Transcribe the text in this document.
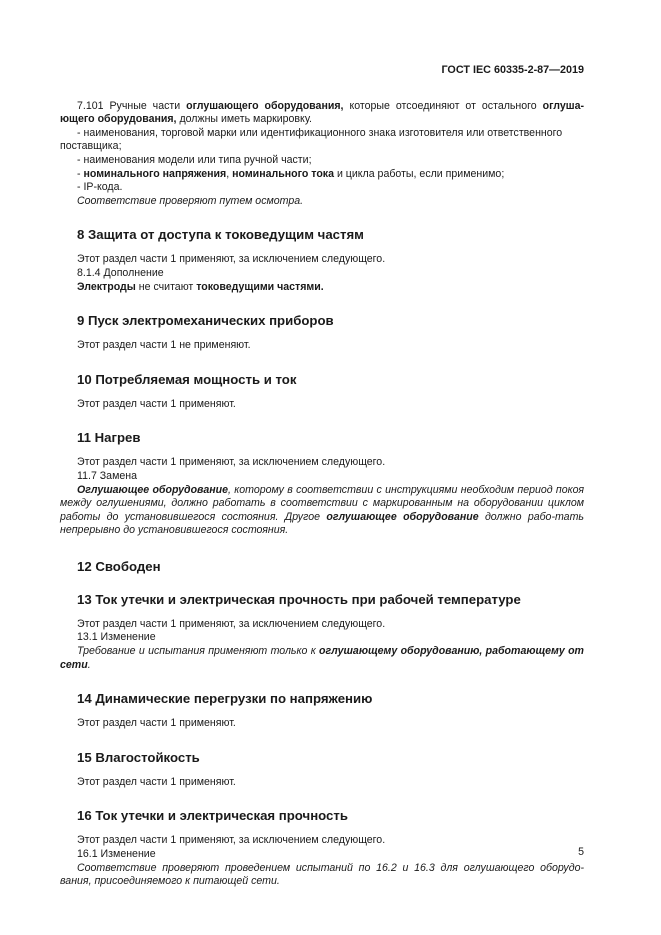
ГОСТ IEC 60335-2-87—2019

7.101 Ручные части оглушающего оборудования, которые отсоединяют от остального оглуша-ющего оборудования, должны иметь маркировку.

- наименования, торговой марки или идентификационного знака изготовителя или ответственного поставщика;

- наименования модели или типа ручной части;

- номинального напряжения, номинального тока и цикла работы, если применимо;

- IP-кода.

Соответствие проверяют путем осмотра.

8 Защита от доступа к токоведущим частям

Этот раздел части 1 применяют, за исключением следующего.

8.1.4 Дополнение

Электроды не считают токоведущими частями.

9 Пуск электромеханических приборов

Этот раздел части 1 не применяют.

10 Потребляемая мощность и ток

Этот раздел части 1 применяют.

11 Нагрев

Этот раздел части 1 применяют, за исключением следующего.

11.7 Замена

Оглушающее оборудование, которому в соответствии с инструкциями необходим период покоя между оглушениями, должно работать в соответствии с маркированным на оборудовании циклом работы до установившегося состояния. Другое оглушающее оборудование должно рабо-тать непрерывно до установившегося состояния.

12 Свободен
13 Ток утечки и электрическая прочность при рабочей температуре

Этот раздел части 1 применяют, за исключением следующего.

13.1 Изменение

Требование и испытания применяют только к оглушающему оборудованию, работающему от сети.

14 Динамические перегрузки по напряжению

Этот раздел части 1 применяют.

15 Влагостойкость

Этот раздел части 1 применяют.

16 Ток утечки и электрическая прочность

Этот раздел части 1 применяют, за исключением следующего.

16.1 Изменение

Соответствие проверяют проведением испытаний по 16.2 и 16.3 для оглушающего оборудо-вания, присоединяемого к питающей сети.

5
